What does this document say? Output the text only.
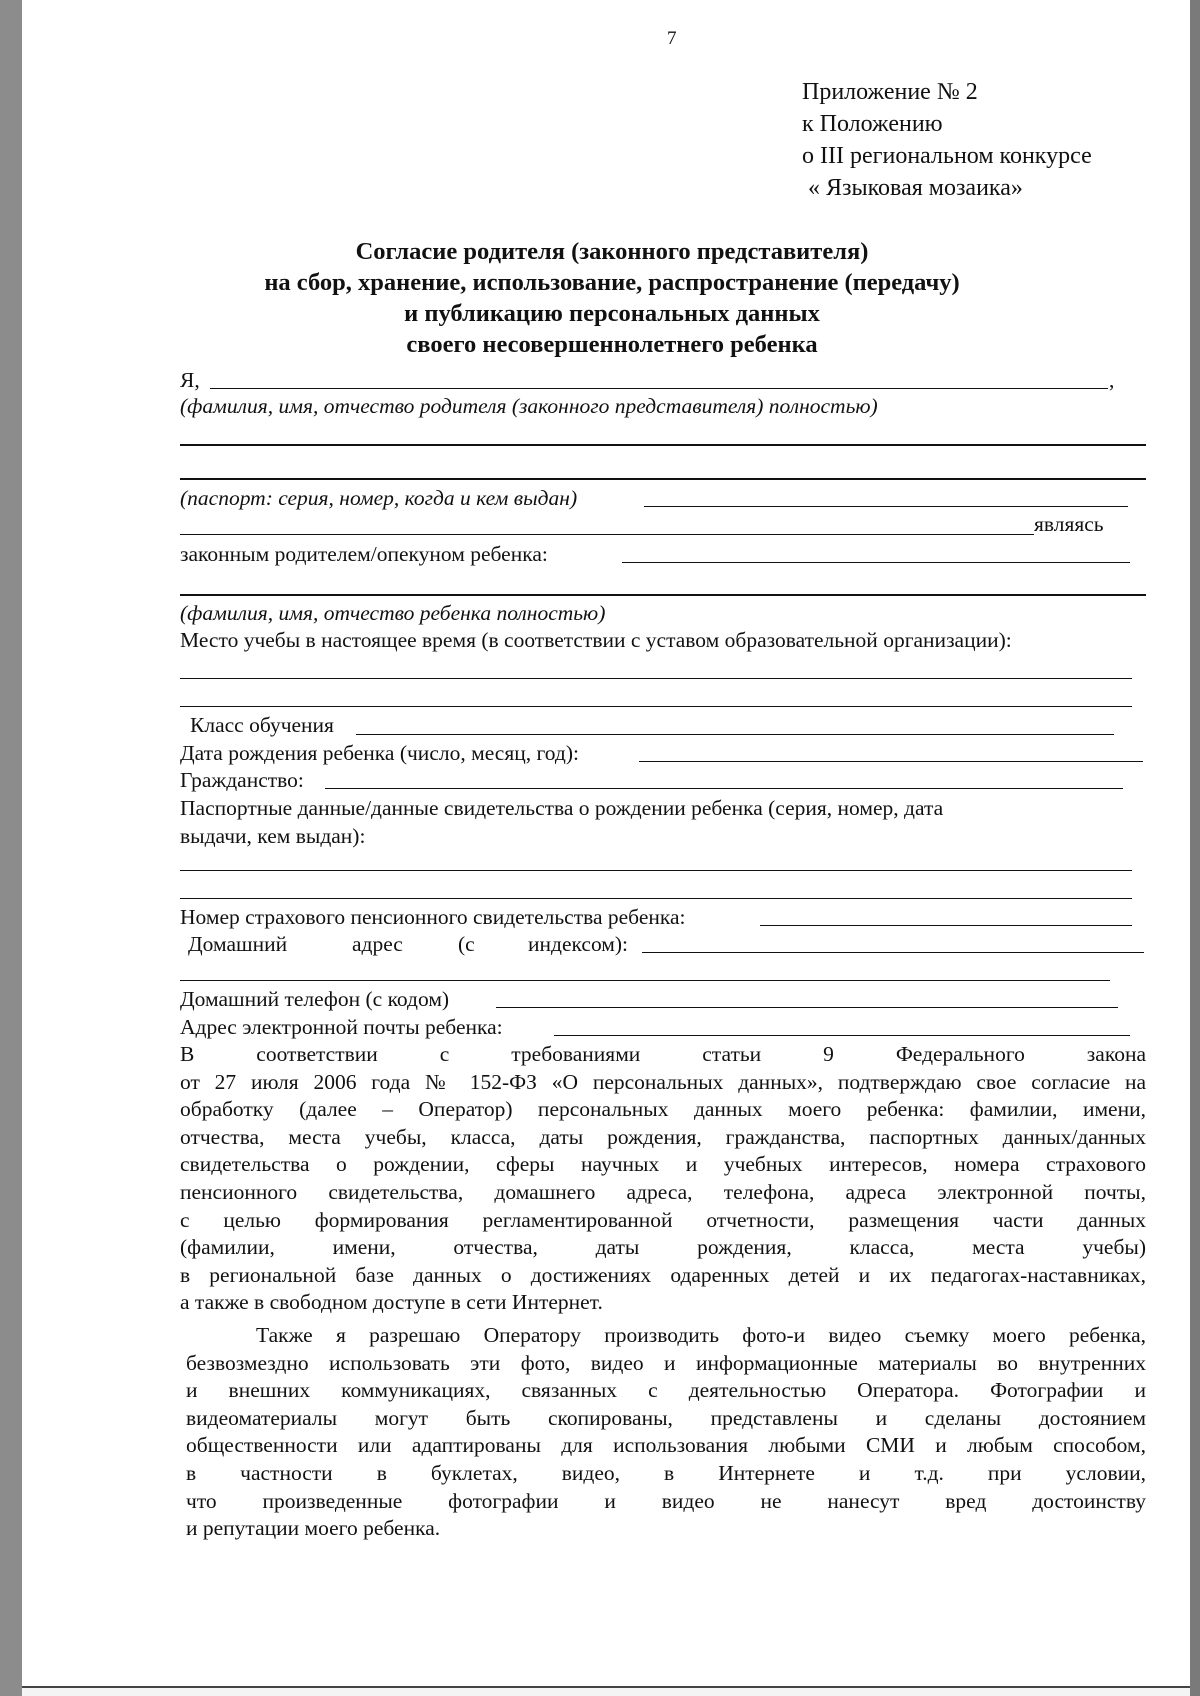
7
Приложение № 2
к Положению
о III региональном конкурсе
« Языковая мозаика»
Согласие родителя (законного представителя)
на сбор, хранение, использование, распространение (передачу)
и публикацию персональных данных
своего несовершеннолетнего ребенка
Я,	,
(фамилия, имя, отчество родителя (законного представителя) полностью)
(паспорт: серия, номер, когда и кем выдан)
являясь
законным родителем/опекуном ребенка:
(фамилия, имя, отчество ребенка полностью)
Место учебы в настоящее время (в соответствии с уставом образовательной организации):
Класс обучения
Дата рождения ребенка (число, месяц, год):
Гражданство:
Паспортные данные/данные свидетельства о рождении ребенка (серия, номер, дата
выдачи, кем выдан):
Номер страхового пенсионного свидетельства ребенка:
Домашний	адрес	(с индексом):
Домашний телефон (с кодом)
Адрес электронной почты ребенка:
В соответствии с требованиями статьи 9 Федерального закона
от 27 июля 2006 года № 152-ФЗ «О персональных данных», подтверждаю свое согласие на
обработку (далее – Оператор) персональных данных моего ребенка: фамилии, имени,
отчества, места учебы, класса, даты рождения, гражданства, паспортных данных/данных
свидетельства о рождении, сферы научных и учебных интересов, номера страхового
пенсионного свидетельства, домашнего адреса, телефона, адреса электронной почты,
с целью формирования регламентированной отчетности, размещения части данных
(фамилии, имени, отчества, даты рождения, класса, места учебы)
в региональной базе данных о достижениях одаренных детей и их педагогах-наставниках,
а также в свободном доступе в сети Интернет.
Также я разрешаю Оператору производить фото-и видео съемку моего ребенка,
безвозмездно использовать эти фото, видео и информационные материалы во внутренних
и внешних коммуникациях, связанных с деятельностью Оператора. Фотографии и
видеоматериалы могут быть скопированы, представлены и сделаны достоянием
общественности или адаптированы для использования любыми СМИ и любым способом,
в частности в буклетах, видео, в Интернете и т.д. при условии,
что произведенные фотографии и видео не нанесут вред достоинству
и репутации моего ребенка.
